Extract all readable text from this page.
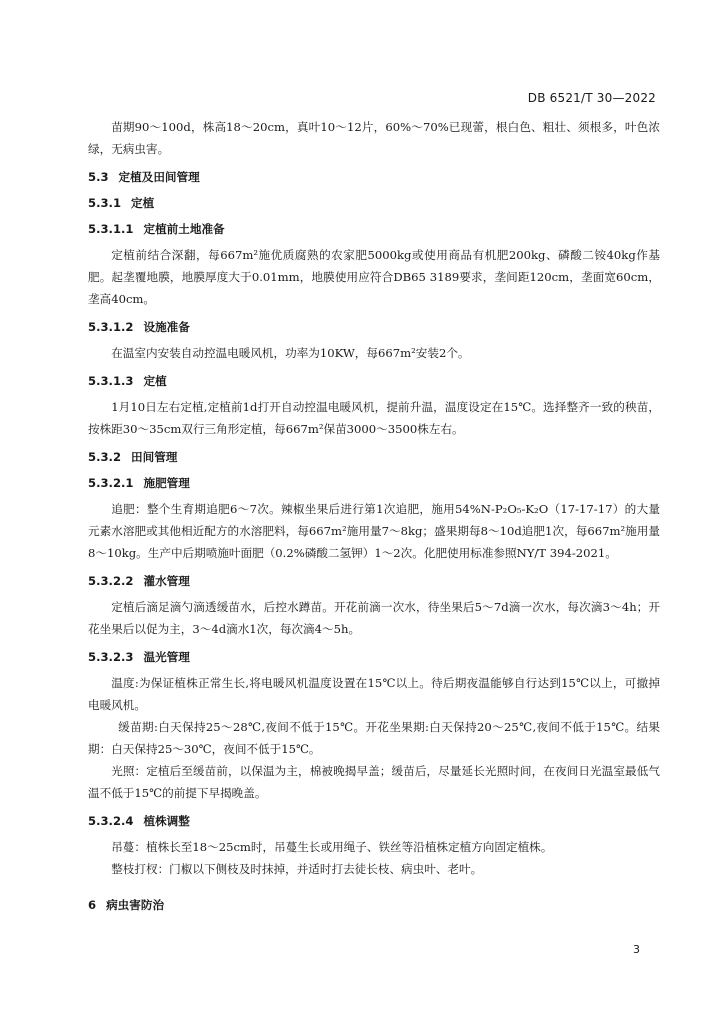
DB 6521/T 30—2022

苗期90～100d，株高18～20cm，真叶10～12片，60%～70%已现蕾，根白色、粗壮、须根多，叶色浓绿，无病虫害。

5.3 定植及田间管理

5.3.1 定植

5.3.1.1 定植前土地准备

定植前结合深翻，每667m²施优质腐熟的农家肥5000kg或使用商品有机肥200kg、磷酸二铵40kg作基肥。起垄覆地膜，地膜厚度大于0.01mm，地膜使用应符合DB65 3189要求，垄间距120cm，垄面宽60cm，垄高40cm。

5.3.1.2 设施准备

在温室内安装自动控温电暖风机，功率为10KW，每667m²安装2个。

5.3.1.3 定植

1月10日左右定植,定植前1d打开自动控温电暖风机，提前升温，温度设定在15℃。选择整齐一致的秧苗，按株距30～35cm双行三角形定植，每667m²保苗3000～3500株左右。

5.3.2 田间管理

5.3.2.1 施肥管理

追肥：整个生育期追肥6～7次。辣椒坐果后进行第1次追肥，施用54%N-P₂O₅-K₂O（17-17-17）的大量元素水溶肥或其他相近配方的水溶肥料，每667m²施用量7～8kg；盛果期每8～10d追肥1次，每667m²施用量8～10kg。生产中后期喷施叶面肥（0.2%磷酸二氢钾）1～2次。化肥使用标准参照NY/T 394-2021。

5.3.2.2 灌水管理

定植后滴足滴勺滴透缓苗水，后控水蹲苗。开花前滴一次水，待坐果后5～7d滴一次水，每次滴3～4h；开花坐果后以促为主，3～4d滴水1次，每次滴4～5h。

5.3.2.3 温光管理

温度:为保证植株正常生长,将电暖风机温度设置在15℃以上。待后期夜温能够自行达到15℃以上，可撤掉电暖风机。

缓苗期:白天保持25～28℃,夜间不低于15℃。开花坐果期:白天保持20～25℃,夜间不低于15℃。结果期：白天保持25～30℃，夜间不低于15℃。

光照：定植后至缓苗前，以保温为主，棉被晚揭早盖；缓苗后，尽量延长光照时间，在夜间日光温室最低气温不低于15℃的前提下早揭晚盖。

5.3.2.4 植株调整

吊蔓：植株长至18～25cm时，吊蔓生长或用绳子、铁丝等沿植株定植方向固定植株。

整枝打杈：门椒以下侧枝及时抹掉，并适时打去徒长枝、病虫叶、老叶。

6 病虫害防治

3
